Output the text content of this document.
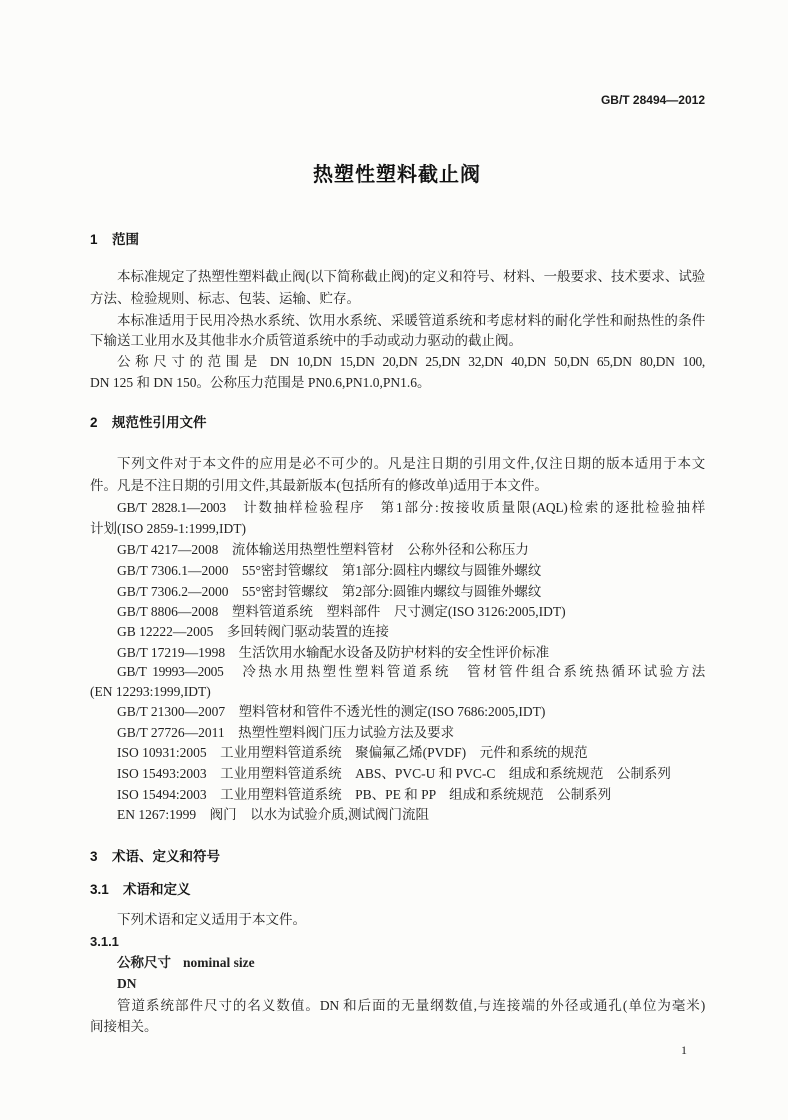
GB/T 28494—2012
热塑性塑料截止阀
1 范围
本标准规定了热塑性塑料截止阀(以下简称截止阀)的定义和符号、材料、一般要求、技术要求、试验
方法、检验规则、标志、包装、运输、贮存。
本标准适用于民用冷热水系统、饮用水系统、采暖管道系统和考虑材料的耐化学性和耐热性的条件
下输送工业用水及其他非水介质管道系统中的手动或动力驱动的截止阀。
公称尺寸的范围是 DN 10,DN 15,DN 20,DN 25,DN 32,DN 40,DN 50,DN 65,DN 80,DN 100,
DN 125 和 DN 150。公称压力范围是 PN0.6,PN1.0,PN1.6。
2 规范性引用文件
下列文件对于本文件的应用是必不可少的。凡是注日期的引用文件,仅注日期的版本适用于本文
件。凡是不注日期的引用文件,其最新版本(包括所有的修改单)适用于本文件。
GB/T 2828.1—2003　计数抽样检验程序　第1部分:按接收质量限(AQL)检索的逐批检验抽样
计划(ISO 2859-1:1999,IDT)
GB/T 4217—2008　流体输送用热塑性塑料管材　公称外径和公称压力
GB/T 7306.1—2000　55°密封管螺纹　第1部分:圆柱内螺纹与圆锥外螺纹
GB/T 7306.2—2000　55°密封管螺纹　第2部分:圆锥内螺纹与圆锥外螺纹
GB/T 8806—2008　塑料管道系统　塑料部件　尺寸测定(ISO 3126:2005,IDT)
GB 12222—2005　多回转阀门驱动装置的连接
GB/T 17219—1998　生活饮用水输配水设备及防护材料的安全性评价标准
GB/T 19993—2005　冷热水用热塑性塑料管道系统　管材管件组合系统热循环试验方法
(EN 12293:1999,IDT)
GB/T 21300—2007　塑料管材和管件不透光性的测定(ISO 7686:2005,IDT)
GB/T 27726—2011　热塑性塑料阀门压力试验方法及要求
ISO 10931:2005　工业用塑料管道系统　聚偏氟乙烯(PVDF)　元件和系统的规范
ISO 15493:2003　工业用塑料管道系统　ABS、PVC-U 和 PVC-C　组成和系统规范　公制系列
ISO 15494:2003　工业用塑料管道系统　PB、PE 和 PP　组成和系统规范　公制系列
EN 1267:1999　阀门　以水为试验介质,测试阀门流阻
3 术语、定义和符号
3.1 术语和定义
下列术语和定义适用于本文件。
3.1.1
公称尺寸 nominal size
DN
管道系统部件尺寸的名义数值。DN 和后面的无量纲数值,与连接端的外径或通孔(单位为毫米)
间接相关。
1
